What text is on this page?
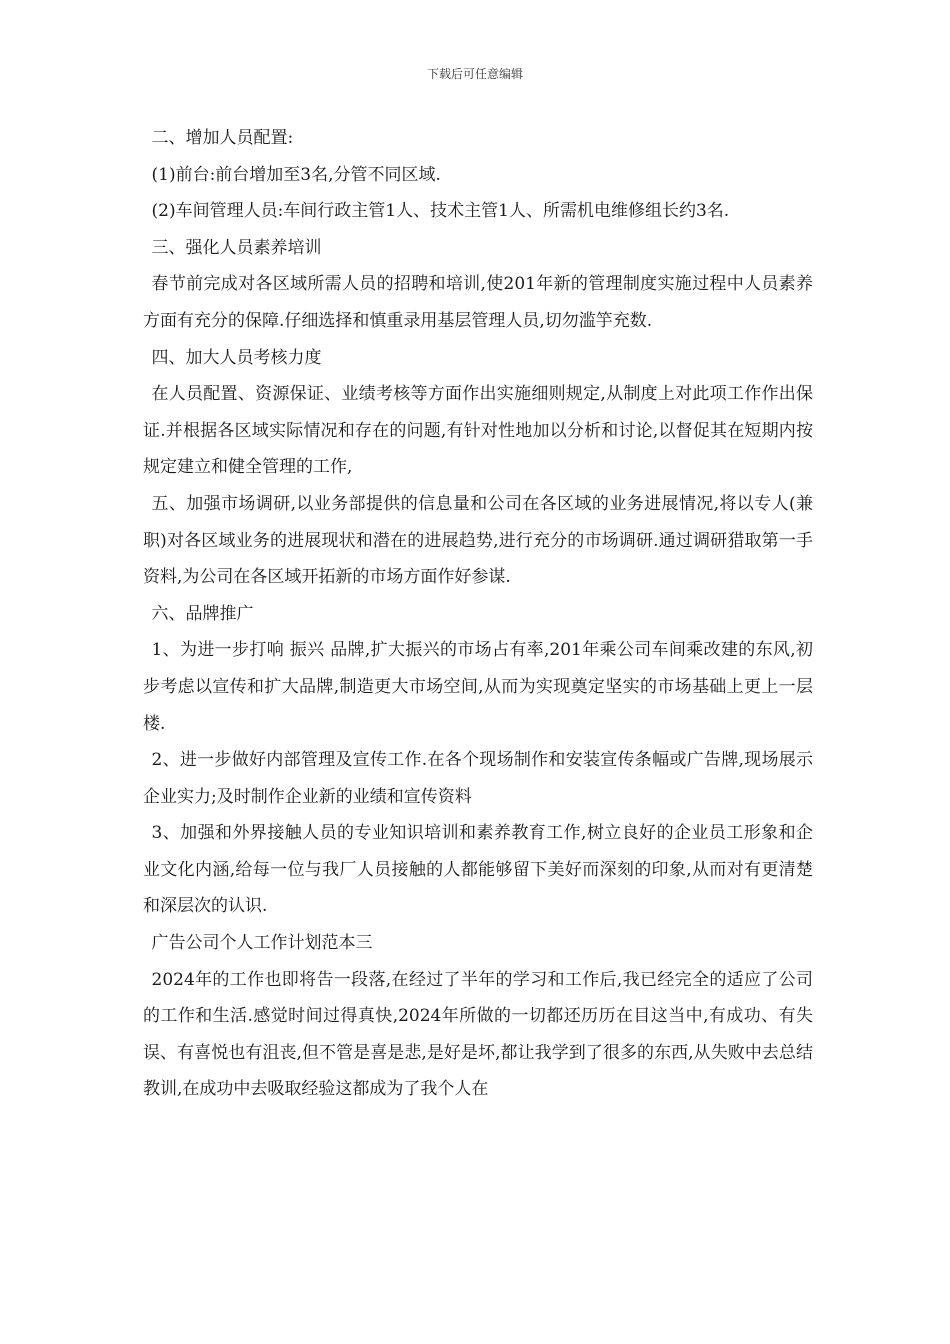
下载后可任意编辑

二、增加人员配置:

(1)前台:前台增加至3名,分管不同区域.

(2)车间管理人员:车间行政主管1人、技术主管1人、所需机电维修组长约3名.

三、强化人员素养培训

春节前完成对各区域所需人员的招聘和培训,使201年新的管理制度实施过程中人员素养方面有充分的保障.仔细选择和慎重录用基层管理人员,切勿滥竽充数.

四、加大人员考核力度

在人员配置、资源保证、业绩考核等方面作出实施细则规定,从制度上对此项工作作出保证.并根据各区域实际情况和存在的问题,有针对性地加以分析和讨论,以督促其在短期内按规定建立和健全管理的工作,

五、加强市场调研,以业务部提供的信息量和公司在各区域的业务进展情况,将以专人(兼职)对各区域业务的进展现状和潜在的进展趋势,进行充分的市场调研.通过调研猎取第一手资料,为公司在各区域开拓新的市场方面作好参谋.

六、品牌推广

1、为进一步打响 振兴 品牌,扩大振兴的市场占有率,201年乘公司车间乘改建的东风,初步考虑以宣传和扩大品牌,制造更大市场空间,从而为实现奠定坚实的市场基础上更上一层楼.

2、进一步做好内部管理及宣传工作.在各个现场制作和安装宣传条幅或广告牌,现场展示企业实力;及时制作企业新的业绩和宣传资料

3、加强和外界接触人员的专业知识培训和素养教育工作,树立良好的企业员工形象和企业文化内涵,给每一位与我厂人员接触的人都能够留下美好而深刻的印象,从而对有更清楚和深层次的认识.

广告公司个人工作计划范本三

2024年的工作也即将告一段落,在经过了半年的学习和工作后,我已经完全的适应了公司的工作和生活.感觉时间过得真快,2024年所做的一切都还历历在目这当中,有成功、有失误、有喜悦也有沮丧,但不管是喜是悲,是好是坏,都让我学到了很多的东西,从失败中去总结教训,在成功中去吸取经验这都成为了我个人在
